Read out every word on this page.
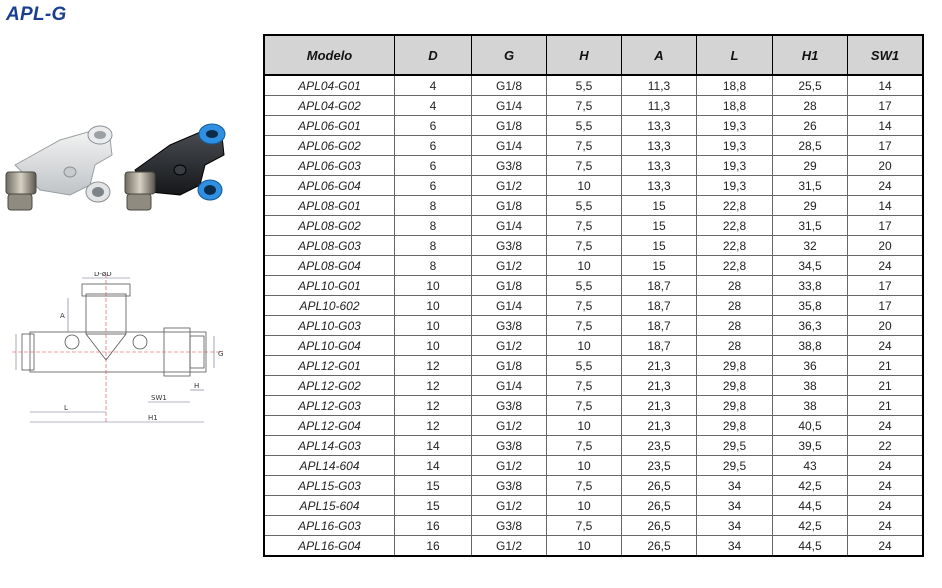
APL-G
D-øD
G
A
L
H1
SW1
H
Modelo	D	G	H	A	L	H1	SW1
APL04-G01	4	G1/8	5,5	11,3	18,8	25,5	14
APL04-G02	4	G1/4	7,5	11,3	18,8	28	17
APL06-G01	6	G1/8	5,5	13,3	19,3	26	14
APL06-G02	6	G1/4	7,5	13,3	19,3	28,5	17
APL06-G03	6	G3/8	7,5	13,3	19,3	29	20
APL06-G04	6	G1/2	10	13,3	19,3	31,5	24
APL08-G01	8	G1/8	5,5	15	22,8	29	14
APL08-G02	8	G1/4	7,5	15	22,8	31,5	17
APL08-G03	8	G3/8	7,5	15	22,8	32	20
APL08-G04	8	G1/2	10	15	22,8	34,5	24
APL10-G01	10	G1/8	5,5	18,7	28	33,8	17
APL10-602	10	G1/4	7,5	18,7	28	35,8	17
APL10-G03	10	G3/8	7,5	18,7	28	36,3	20
APL10-G04	10	G1/2	10	18,7	28	38,8	24
APL12-G01	12	G1/8	5,5	21,3	29,8	36	21
APL12-G02	12	G1/4	7,5	21,3	29,8	38	21
APL12-G03	12	G3/8	7,5	21,3	29,8	38	21
APL12-G04	12	G1/2	10	21,3	29,8	40,5	24
APL14-G03	14	G3/8	7,5	23,5	29,5	39,5	22
APL14-604	14	G1/2	10	23,5	29,5	43	24
APL15-G03	15	G3/8	7,5	26,5	34	42,5	24
APL15-604	15	G1/2	10	26,5	34	44,5	24
APL16-G03	16	G3/8	7,5	26,5	34	42,5	24
APL16-G04	16	G1/2	10	26,5	34	44,5	24
